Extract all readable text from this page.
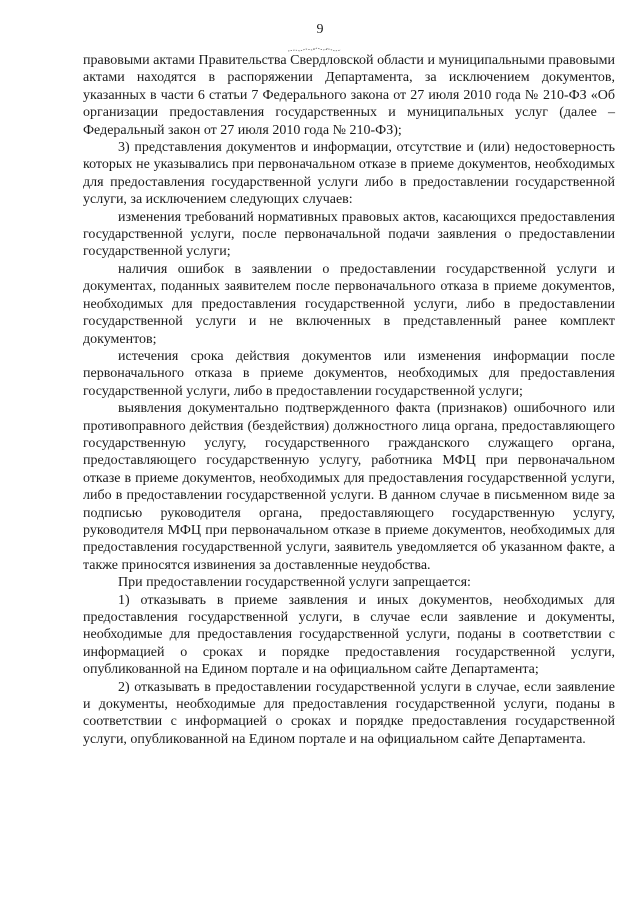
9

правовыми актами Правительства Свердловской области и муниципальными правовыми актами находятся в распоряжении Департамента, за исключением документов, указанных в части 6 статьи 7 Федерального закона от 27 июля 2010 года № 210-ФЗ «Об организации предоставления государственных и муниципальных услуг (далее – Федеральный закон от 27 июля 2010 года № 210-ФЗ);

3) представления документов и информации, отсутствие и (или) недостоверность которых не указывались при первоначальном отказе в приеме документов, необходимых для предоставления государственной услуги либо в предоставлении государственной услуги, за исключением следующих случаев:

изменения требований нормативных правовых актов, касающихся предоставления государственной услуги, после первоначальной подачи заявления о предоставлении государственной услуги;

наличия ошибок в заявлении о предоставлении государственной услуги и документах, поданных заявителем после первоначального отказа в приеме документов, необходимых для предоставления государственной услуги, либо в предоставлении государственной услуги и не включенных в представленный ранее комплект документов;

истечения срока действия документов или изменения информации после первоначального отказа в приеме документов, необходимых для предоставления государственной услуги, либо в предоставлении государственной услуги;

выявления документально подтвержденного факта (признаков) ошибочного или противоправного действия (бездействия) должностного лица органа, предоставляющего государственную услугу, государственного гражданского служащего органа, предоставляющего государственную услугу, работника МФЦ при первоначальном отказе в приеме документов, необходимых для предоставления государственной услуги, либо в предоставлении государственной услуги. В данном случае в письменном виде за подписью руководителя органа, предоставляющего государственную услугу, руководителя МФЦ при первоначальном отказе в приеме документов, необходимых для предоставления государственной услуги, заявитель уведомляется об указанном факте, а также приносятся извинения за доставленные неудобства.

При предоставлении государственной услуги запрещается:

1) отказывать в приеме заявления и иных документов, необходимых для предоставления государственной услуги, в случае если заявление и документы, необходимые для предоставления государственной услуги, поданы в соответствии с информацией о сроках и порядке предоставления государственной услуги, опубликованной на Едином портале и на официальном сайте Департамента;

2) отказывать в предоставлении государственной услуги в случае, если заявление и документы, необходимые для предоставления государственной услуги, поданы в соответствии с информацией о сроках и порядке предоставления государственной услуги, опубликованной на Едином портале и на официальном сайте Департамента.
